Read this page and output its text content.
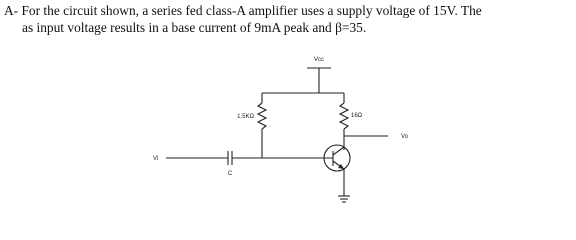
A- For the circuit shown, a series fed class-A amplifier uses a supply voltage of 15V. The
as input voltage results in a base current of 9mA peak and β=35.
Vcc
1.5KΩ	16Ω
Vo
Vi
C
